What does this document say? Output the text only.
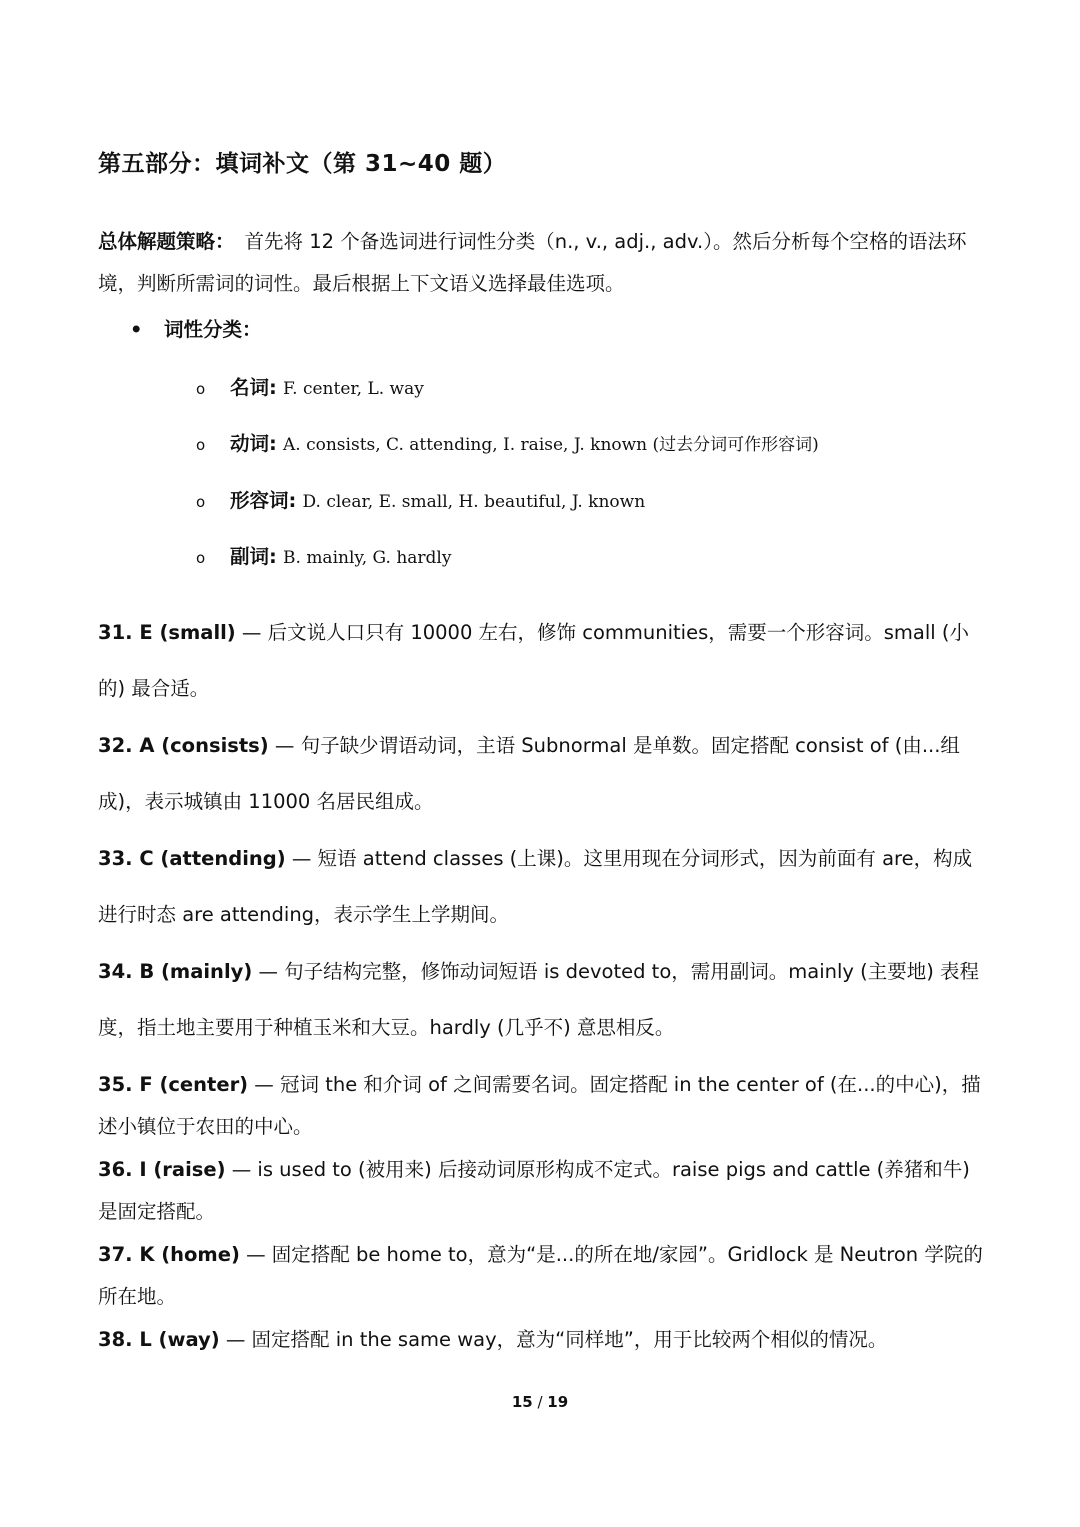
第五部分：填词补文（第 31~40 题）
总体解题策略： 首先将 12 个备选词进行词性分类（n., v., adj., adv.）。然后分析每个空格的语法环境，判断所需词的词性。最后根据上下文语义选择最佳选项。
• 词性分类：
o 名词: F. center, L. way
o 动词: A. consists, C. attending, I. raise, J. known (过去分词可作形容词)
o 形容词: D. clear, E. small, H. beautiful, J. known
o 副词: B. mainly, G. hardly
31. E (small) — 后文说人口只有 10000 左右，修饰 communities，需要一个形容词。small (小的) 最合适。
32. A (consists) — 句子缺少谓语动词，主语 Subnormal 是单数。固定搭配 consist of (由...组成)，表示城镇由 11000 名居民组成。
33. C (attending) — 短语 attend classes (上课)。这里用现在分词形式，因为前面有 are，构成进行时态 are attending，表示学生上学期间。
34. B (mainly) — 句子结构完整，修饰动词短语 is devoted to，需用副词。mainly (主要地) 表程度，指土地主要用于种植玉米和大豆。hardly (几乎不) 意思相反。
35. F (center) — 冠词 the 和介词 of 之间需要名词。固定搭配 in the center of (在...的中心)，描述小镇位于农田的中心。
36. I (raise) — is used to (被用来) 后接动词原形构成不定式。raise pigs and cattle (养猪和牛)是固定搭配。
37. K (home) — 固定搭配 be home to，意为“是...的所在地/家园”。Gridlock 是 Neutron 学院的所在地。
38. L (way) — 固定搭配 in the same way，意为“同样地”，用于比较两个相似的情况。
15 / 19
